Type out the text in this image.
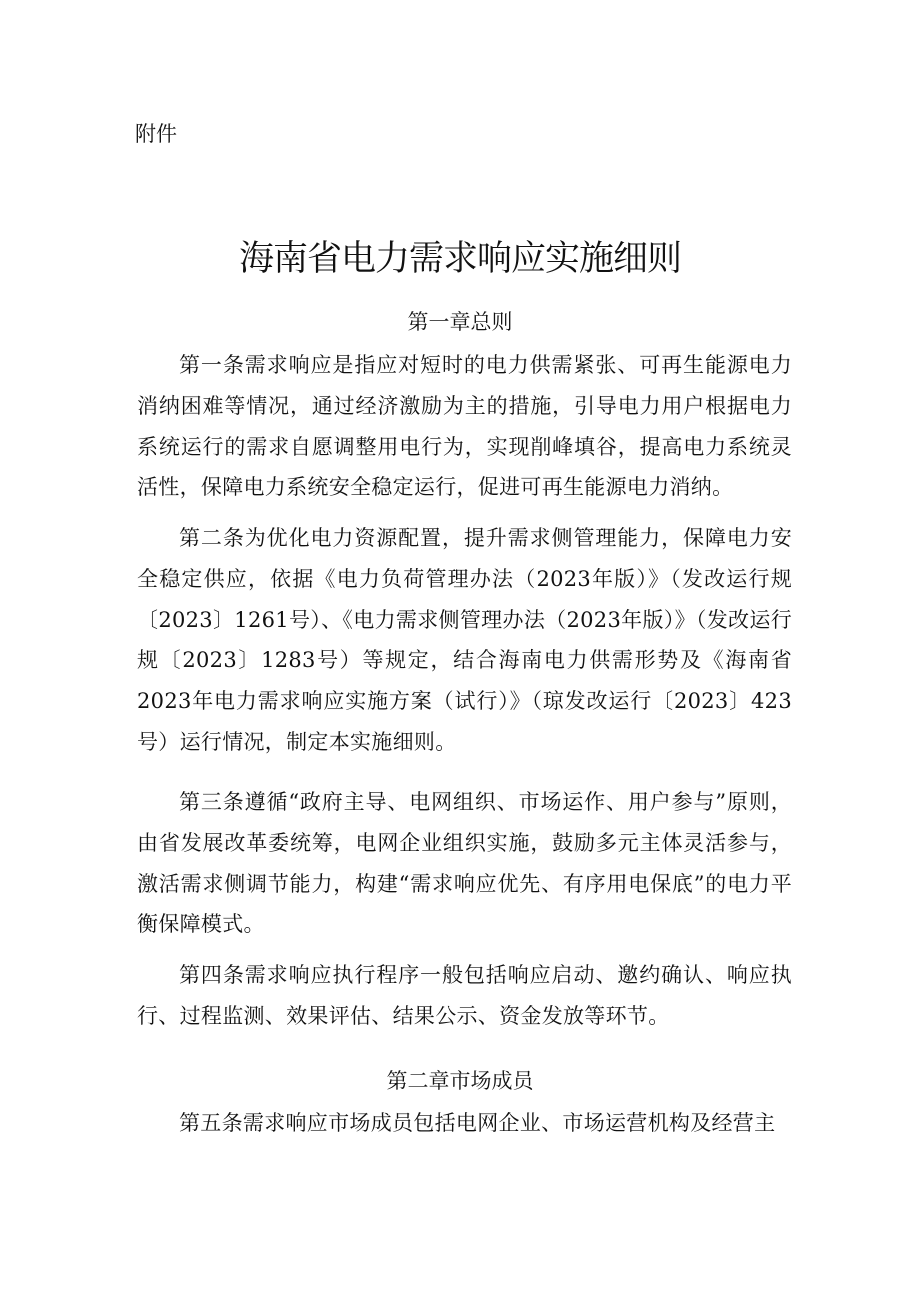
附件
海南省电力需求响应实施细则
第一章总则

第一条需求响应是指应对短时的电力供需紧张、可再生能源电力消纳困难等情况，通过经济激励为主的措施，引导电力用户根据电力系统运行的需求自愿调整用电行为，实现削峰填谷，提高电力系统灵活性，保障电力系统安全稳定运行，促进可再生能源电力消纳。

第二条为优化电力资源配置，提升需求侧管理能力，保障电力安全稳定供应，依据《电力负荷管理办法（2023年版）》（发改运行规〔2023〕1261号）、《电力需求侧管理办法（2023年版）》（发改运行规〔2023〕1283号）等规定，结合海南电力供需形势及《海南省2023年电力需求响应实施方案（试行）》（琼发改运行〔2023〕423号）运行情况，制定本实施细则。

第三条遵循“政府主导、电网组织、市场运作、用户参与”原则，由省发展改革委统筹，电网企业组织实施，鼓励多元主体灵活参与，激活需求侧调节能力，构建“需求响应优先、有序用电保底”的电力平衡保障模式。

第四条需求响应执行程序一般包括响应启动、邀约确认、响应执行、过程监测、效果评估、结果公示、资金发放等环节。

第二章市场成员

第五条需求响应市场成员包括电网企业、市场运营机构及经营主
